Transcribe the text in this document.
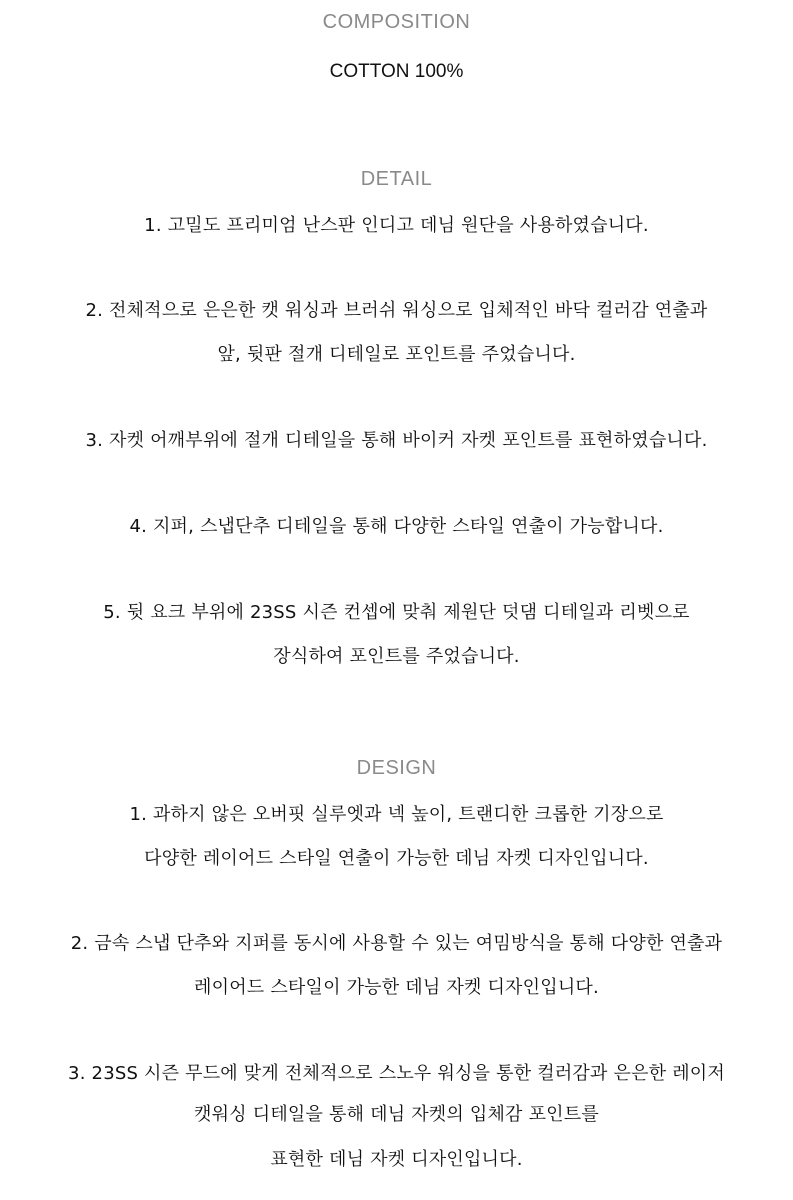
COMPOSITION
COTTON 100%
DETAIL
1. 고밀도 프리미엄 난스판 인디고 데님 원단을 사용하였습니다.
2. 전체적으로 은은한 캣 워싱과 브러쉬 워싱으로 입체적인 바닥 컬러감 연출과
앞, 뒷판 절개 디테일로 포인트를 주었습니다.
3. 자켓 어깨부위에 절개 디테일을 통해 바이커 자켓 포인트를 표현하였습니다.
4. 지퍼, 스냅단추 디테일을 통해 다양한 스타일 연출이 가능합니다.
5. 뒷 요크 부위에 23SS 시즌 컨셉에 맞춰 제원단 덧댐 디테일과 리벳으로
장식하여 포인트를 주었습니다.
DESIGN
1. 과하지 않은 오버핏 실루엣과 넥 높이, 트랜디한 크롭한 기장으로
다양한 레이어드 스타일 연출이 가능한 데님 자켓 디자인입니다.
2. 금속 스냅 단추와 지퍼를 동시에 사용할 수 있는 여밈방식을 통해 다양한 연출과
레이어드 스타일이 가능한 데님 자켓 디자인입니다.
3. 23SS 시즌 무드에 맞게 전체적으로 스노우 워싱을 통한 컬러감과 은은한 레이저
캣워싱 디테일을 통해 데님 자켓의 입체감 포인트를
표현한 데님 자켓 디자인입니다.
